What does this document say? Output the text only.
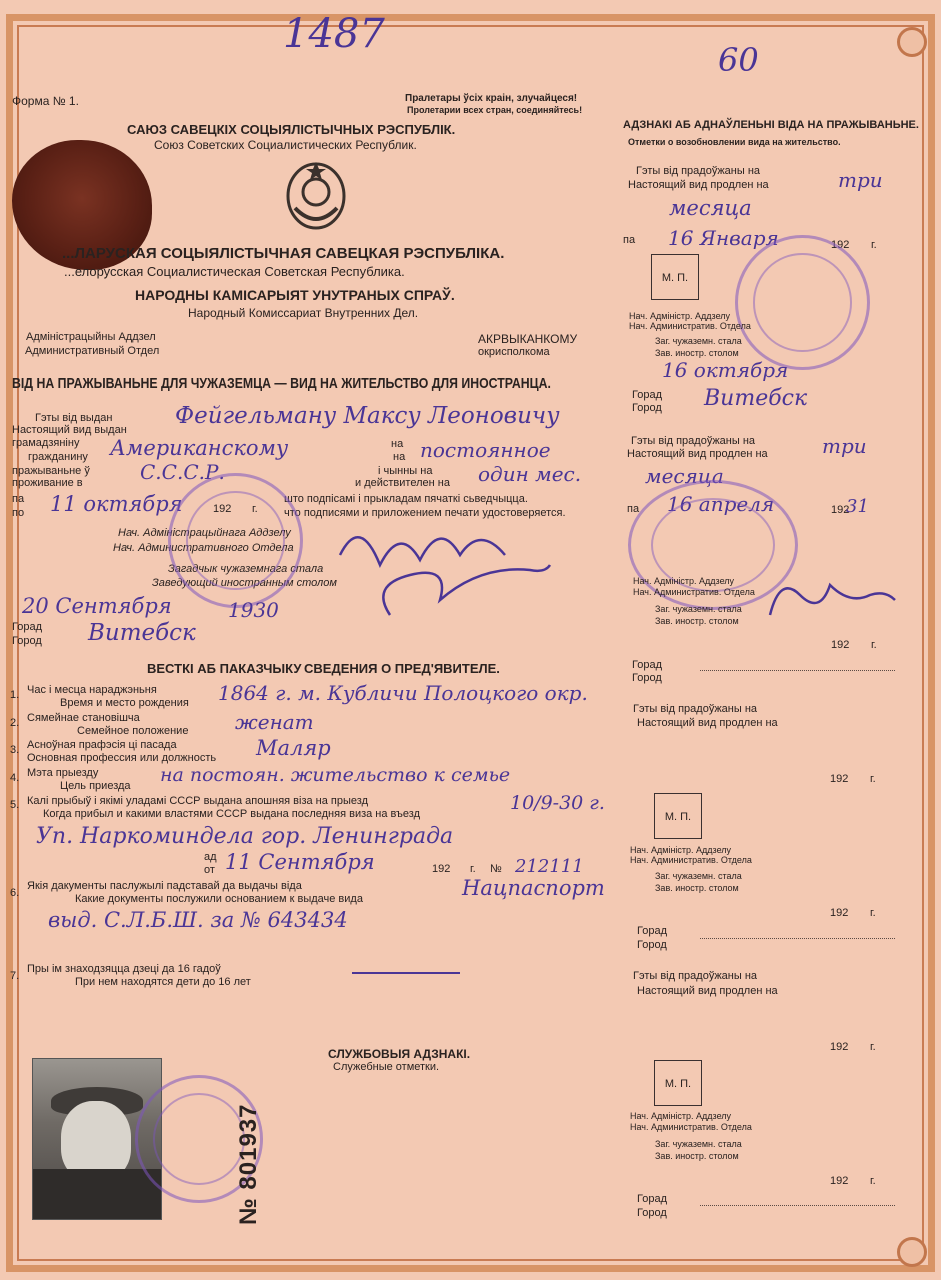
1487
60
Форма № 1.	Пралетары ўсіх краін, злучайцеся!
Пролетарии всех стран, соединяйтесь!
САЮЗ САВЕЦКІХ СОЦЫЯЛІСТЫЧНЫХ РЭСПУБЛІК.
Союз Советских Социалистических Республик.
...ЛАРУСКАЯ СОЦЫЯЛІСТЫЧНАЯ САВЕЦКАЯ РЭСПУБЛІКА.
...елорусская Социалистическая Советская Республика.
НАРОДНЫ КАМІСАРЫЯТ УНУТРАНЫХ СПРАЎ.
Народный Комиссариат Внутренних Дел.
Адміністрацыйны Аддзел
Административный Отдел
АКРВЫКАНКОМУ
окрисполкома
ВІД НА ПРАЖЫВАНЬНЕ ДЛЯ ЧУЖАЗЕМЦА — ВИД НА ЖИТЕЛЬСТВО ДЛЯ ИНОСТРАНЦА.
Гэты від выдан
Настоящий вид выдан
Фейгельману Максу Леоновичу
грамадзяніну
гражданину Американскому	на
на постоянное
пражываньне ў
проживание в	С.С.С.Р.	і чынны на
и действителен на один мес.
па
по 11 октября	192 г.
што подпісамі і прыкладам пячаткі сьведчыцца.
что подписями и приложением печати удостоверяется.
Нач. Адміністрацыйнага Аддзелу
Нач. Административного Отдела
Загадчык чужаземнага стала
Заведующий иностранным столом
20 Сентября	1930
Горад
Город Витебск
ВЕСТКІ АБ ПАКАЗЧЫКУ СВЕДЕНИЯ О ПРЕД'ЯВИТЕЛЕ.
1. Час і месца нараджэньня
Время и место рождения 1864 г. м. Кубличи Полоцкого окр.
2. Сямейнае становішча
Семейное положение женат
3. Асноўная прафэсія ці пасада
Основная профессия или должность Маляр
4. Мэта прыезду
Цель приезда на постоян. жительство к семье
5. Калі прыбыў і якімі уладамі СССР выдана апошняя віза на прыезд
Когда прибыл и какими властями СССР выдана последняя виза на въезд	10/9-30 г.
Уп. Наркоминдела гор. Ленинграда
ад
от 11 Сентября	192 г. № 212111
6.
Якія дакументы паслужылі падставай да выдачы віда
Какие документы послужили основанием к выдаче вида	Нацпаспорт
выд. С.Л.Б.Ш. за № 643434
7.
Пры ім знаходзяцца дзеці да 16 гадоў
При нем находятся дети до 16 лет
СЛУЖБОВЫЯ АДЗНАКІ.
Служебные отметки.
№ 801937
АДЗНАКІ АБ АДНАЎЛЕНЬНІ ВІДА НА ПРАЖЫВАНЬНЕ.
Отметки о возобновлении вида на жительство.
Гэты від прадоўжаны на
Настоящий вид продлен на	три
месяца
па 16 Января	192 г.
М. П.
Нач. Адміністр. Аддзелу
Нач. Административ. Отдела
Заг. чужаземн. стала
Зав. иностр. столом
16 октября
Горад
Город Витебск
Гэты від прадоўжаны на
Настоящий вид продлен на	три
месяца
па 16 апреля	192
31
Нач. Адміністр. Аддзелу
Нач. Административ. Отдела
Заг. чужаземн. стала
Зав. иностр. столом
192 г.
Горад
Город
Гэты від прадоўжаны на
Настоящий вид продлен на
192 г.
М. П.
Нач. Адміністр. Аддзелу
Нач. Административ. Отдела
Заг. чужаземн. стала
Зав. иностр. столом
192 г.
Горад
Город
Гэты від прадоўжаны на
Настоящий вид продлен на
192 г.
М. П.
Нач. Адміністр. Аддзелу
Нач. Административ. Отдела
Заг. чужаземн. стала
Зав. иностр. столом
192 г.
Горад
Город
